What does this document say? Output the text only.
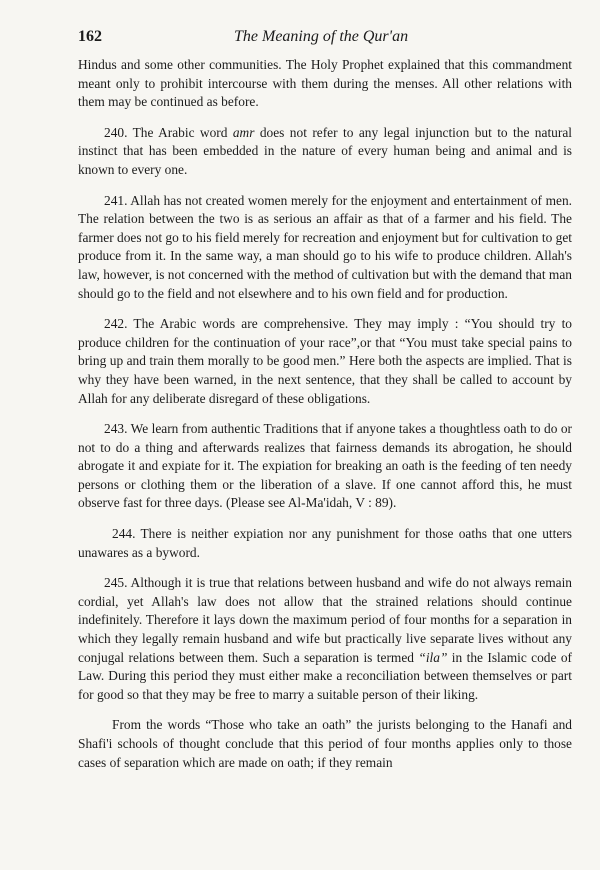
162	The Meaning of the Qur'an

Hindus and some other communities. The Holy Prophet explained that this commandment meant only to prohibit intercourse with them during the menses. All other relations with them may be continued as before.

240. The Arabic word amr does not refer to any legal injunction but to the natural instinct that has been embedded in the nature of every human being and animal and is known to every one.

241. Allah has not created women merely for the enjoyment and entertainment of men. The relation between the two is as serious an affair as that of a farmer and his field. The farmer does not go to his field merely for recreation and enjoyment but for cultivation to get produce from it. In the same way, a man should go to his wife to produce children. Allah's law, however, is not concerned with the method of cultivation but with the demand that man should go to the field and not elsewhere and to his own field and for production.

242. The Arabic words are comprehensive. They may imply : “You should try to produce children for the continuation of your race”,or that “You must take special pains to bring up and train them morally to be good men.” Here both the aspects are implied. That is why they have been warned, in the next sentence, that they shall be called to account by Allah for any deliberate disregard of these obligations.

243. We learn from authentic Traditions that if anyone takes a thoughtless oath to do or not to do a thing and afterwards realizes that fairness demands its abrogation, he should abrogate it and expiate for it. The expiation for breaking an oath is the feeding of ten needy persons or clothing them or the liberation of a slave. If one cannot afford this, he must observe fast for three days. (Please see Al-Ma'idah, V : 89).

244. There is neither expiation nor any punishment for those oaths that one utters unawares as a byword.

245. Although it is true that relations between husband and wife do not always remain cordial, yet Allah's law does not allow that the strained relations should continue indefinitely. Therefore it lays down the maximum period of four months for a separation in which they legally remain husband and wife but practically live separate lives without any conjugal relations between them. Such a separation is termed “ila” in the Islamic code of Law. During this period they must either make a reconciliation between themselves or part for good so that they may be free to marry a suitable person of their liking.

From the words “Those who take an oath” the jurists belonging to the Hanafi and Shafi'i schools of thought conclude that this period of four months applies only to those cases of separation which are made on oath; if they remain
